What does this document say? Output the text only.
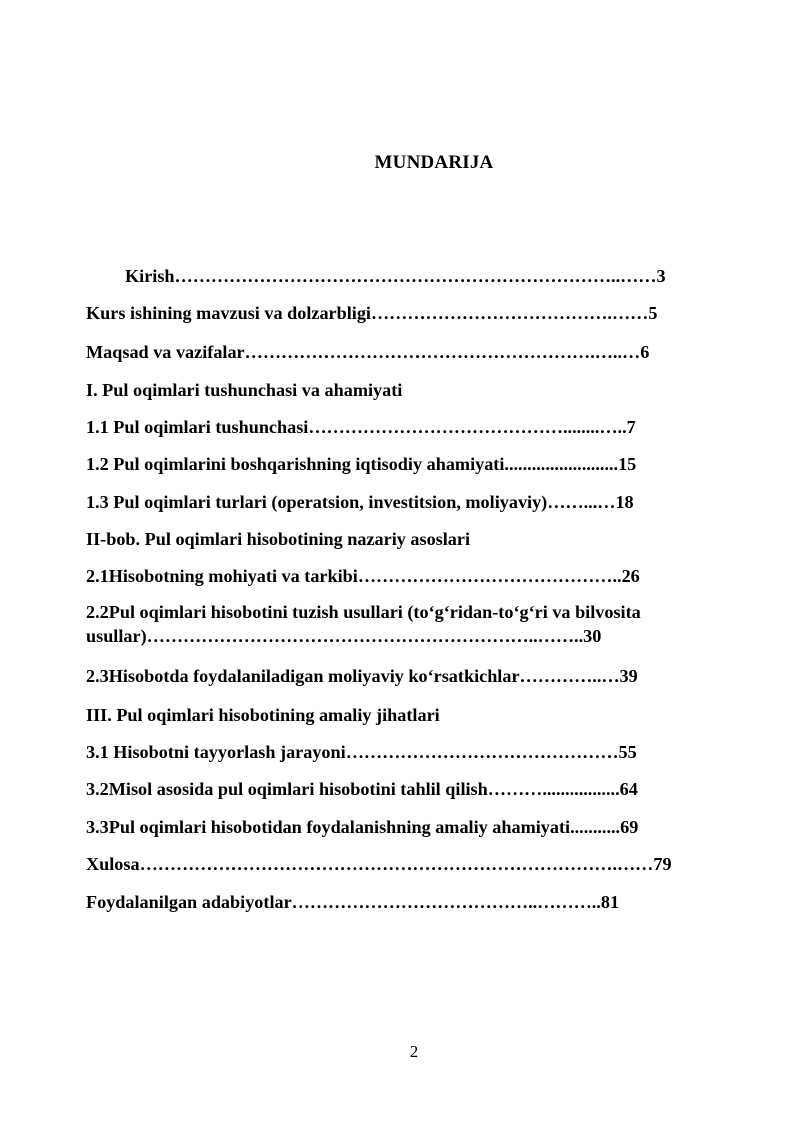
MUNDARIJA
Kirish………………………………………………………………..……3
Kurs ishining mavzusi va dolzarbligi………………………………….……5
Maqsad va vazifalar………………………………………………….…..…6
I. Pul oqimlari tushunchasi va ahamiyati
1.1 Pul oqimlari tushunchasi……………………………………........…..7
1.2 Pul oqimlarini boshqarishning iqtisodiy ahamiyati.........................15
1.3 Pul oqimlari turlari (operatsion, investitsion, moliyaviy)……...…18
II-bob. Pul oqimlari hisobotining nazariy asoslari
2.1Hisobotning mohiyati va tarkibi……………………………………..26
2.2Pul oqimlari hisobotini tuzish usullari (to‘g‘ridan-to‘g‘ri va bilvosita usullar)………………………………………………………..……..30
2.3Hisobotda foydalaniladigan moliyaviy ko‘rsatkichlar…………..…39
III. Pul oqimlari hisobotining amaliy jihatlari
3.1 Hisobotni tayyorlash jarayoni………………………………………55
3.2Misol asosida pul oqimlari hisobotini tahlil qilish……….................64
3.3Pul oqimlari hisobotidan foydalanishning amaliy ahamiyati...........69
Xulosa…………………………………………………………………….……79
Foydalanilgan adabiyotlar…………………………………..………..81
2
